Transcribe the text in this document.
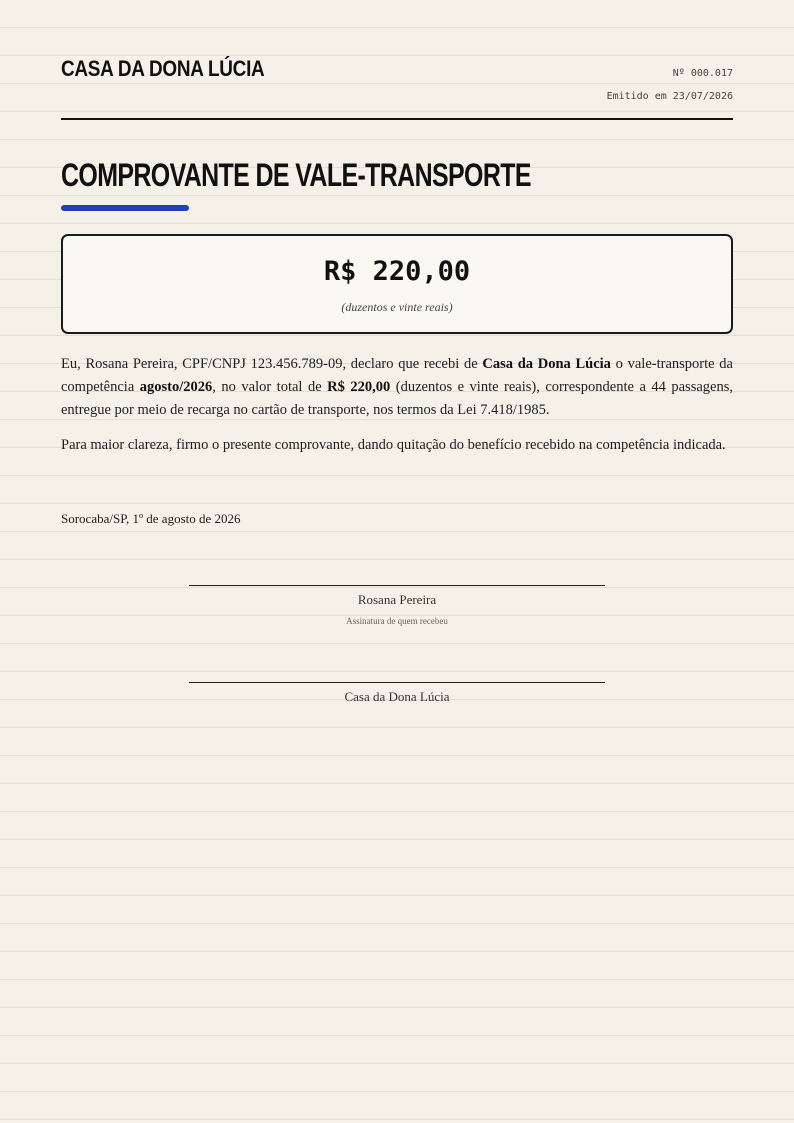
CASA DA DONA LÚCIA	Nº 000.017
Emitido em 23/07/2026
COMPROVANTE DE VALE-TRANSPORTE
R$ 220,00
(duzentos e vinte reais)

Eu, Rosana Pereira, CPF/CNPJ 123.456.789-09, declaro que recebi de Casa da Dona Lúcia o vale-transporte da competência agosto/2026, no valor total de R$ 220,00 (duzentos e vinte reais), correspondente a 44 passagens, entregue por meio de recarga no cartão de transporte, nos termos da Lei 7.418/1985.

Para maior clareza, firmo o presente comprovante, dando quitação do benefício recebido na competência indicada.

Sorocaba/SP, 1º de agosto de 2026
Rosana Pereira
Assinatura de quem recebeu
Casa da Dona Lúcia
